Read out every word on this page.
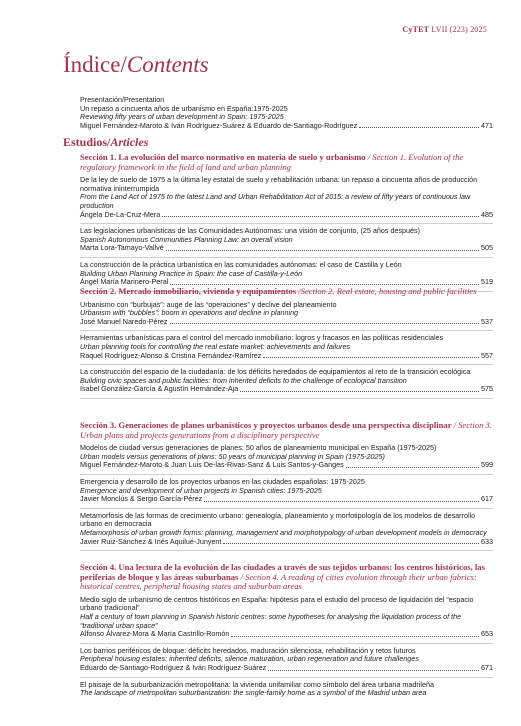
CyTET LVII (223) 2025
Índice/Contents
Presentación/Presentation
Un repaso a cincuenta años de urbanismo en España:1975-2025
Reviewing fifty years of urban development in Spain: 1975-2025
Miguel Fernández-Maroto & Iván Rodríguez-Suárez & Eduardo de-Santiago-Rodríguez	471
Estudios/Articles
Sección 1. La evolución del marco normativo en materia de suelo y urbanismo / Section 1. Evolution of the regulatory framework in the field of land and urban planning
De la ley de suelo de 1975 a la última ley estatal de suelo y rehabilitación urbana: un repaso a cincuenta años de producción normativa ininterrumpida
From the Land Act of 1975 to the latest Land and Urban Rehabilitation Act of 2015: a review of fifty years of continuous law production
Ángela De-La-Cruz-Mera	485
Las legislaciones urbanísticas de las Comunidades Autónomas: una visión de conjunto, (25 años después)
Spanish Autonomous Communities Planning Law: an overall vision
Marta Lora-Tamayo-Vallvé	505
La construcción de la práctica urbanística en las comunidades autónomas: el caso de Castilla y León
Building Urban Planning Practice in Spain: the case of Castilla-y-León
Ángel María Marinero-Peral	519
Sección 2. Mercado inmobiliario, vivienda y equipamientos /Section 2. Real estate, housing and public facilities
Urbanismo con “burbujas”: auge de las “operaciones” y declive del planeamiento
Urbanism with “bubbles”: boom in operations and decline in planning
José Manuel Naredo-Pérez	537
Herramientas urbanísticas para el control del mercado inmobiliario: logros y fracasos en las políticas residenciales
Urban planning tools for controlling the real estate market: achievements and failures
Raquel Rodríguez-Alonso & Cristina Fernández-Ramírez	557
La construcción del espacio de la ciudadanía: de los déficits heredados de equipamientos al reto de la transición ecológica
Building civic spaces and public facilities: from inherited deficits to the challenge of ecological transition
Isabel González-García & Agustín Hernández-Aja	575
Sección 3. Generaciones de planes urbanísticos y proyectos urbanos desde una perspectiva disciplinar / Section 3. Urban plans and projects generations from a disciplinary perspective
Modelos de ciudad versus generaciones de planes: 50 años de planeamiento municipal en España (1975-2025)
Urban models versus generations of plans: 50 years of municipal planning in Spain (1975-2025)
Miguel Fernández-Maroto & Juan Luis De-las-Rivas-Sanz & Luis Santos-y-Ganges	599
Emergencia y desarrollo de los proyectos urbanos en las ciudades españolas: 1975-2025
Emergence and development of urban projects in Spanish cities: 1975-2025
Javier Monclús & Sergio García-Pérez	617
Metamorfosis de las formas de crecimiento urbano: genealogía, planeamiento y morfotipología de los modelos de desarrollo urbano en democracia
Metamorphosis of urban growth forms: planning, management and morphotypology of urban development models in democracy
Javier Ruiz-Sánchez & Inés Aquilué-Junyent	633
Sección 4. Una lectura de la evolución de las ciudades a través de sus tejidos urbanos: los centros históricos, las periferias de bloque y las áreas suburbanas / Section 4. A reading of cities evolution through their urban fabrics: historical centres, peripheral housing states and suburban areas
Medio siglo de urbanismo de centros históricos en España: hipótesis para el estudio del proceso de liquidación del “espacio urbano tradicional”
Half a century of town planning in Spanish historic centres: some hypotheses for analysing the liquidation process of the “traditional urban space”
Alfonso Álvarez-Mora & María Castrillo-Romón	653
Los barrios periféricos de bloque: déficits heredados, maduración silenciosa, rehabilitación y retos futuros
Peripheral housing estates: inherited deficits, silence maturation, urban regeneration and future challenges
Eduardo de-Santiago-Rodríguez & Iván Rodríguez-Suárez	671
El paisaje de la suburbanización metropolitana: la vivienda unifamiliar como símbolo del área urbana madrileña
The landscape of metropolitan suburbanization: the single-family home as a symbol of the Madrid urban area
